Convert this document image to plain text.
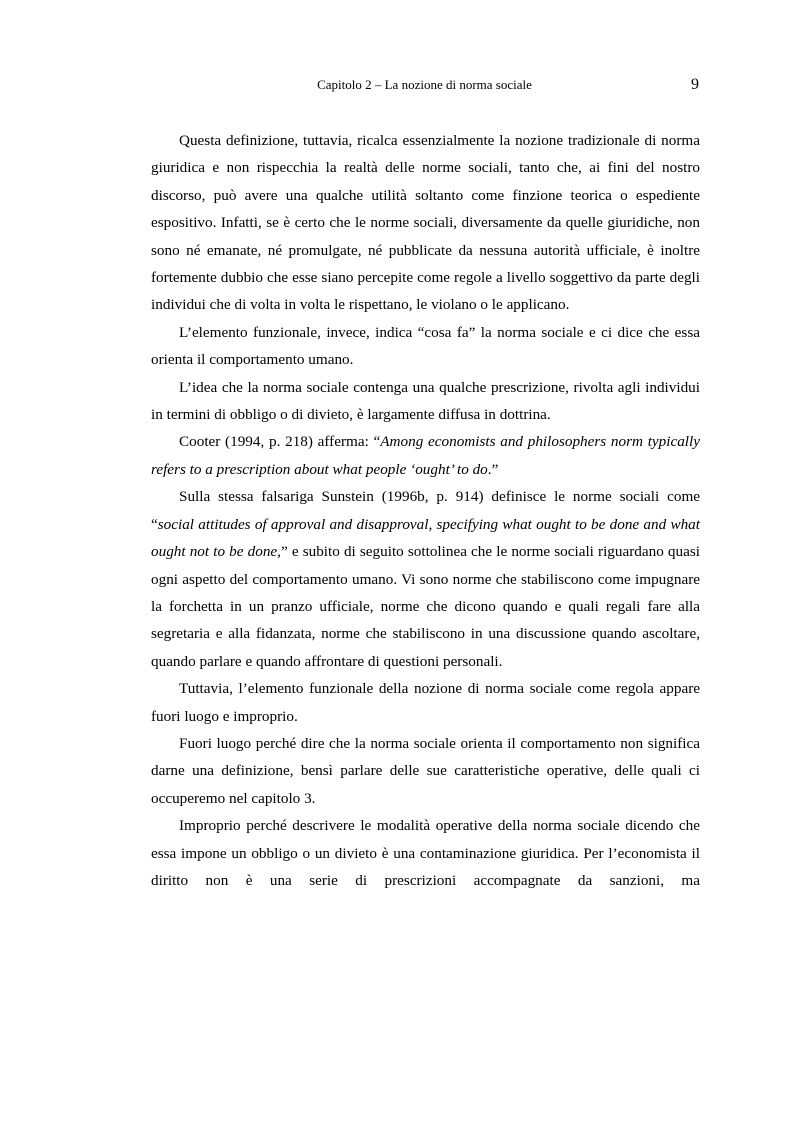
Capitolo 2 – La nozione di norma sociale	9

Questa definizione, tuttavia, ricalca essenzialmente la nozione tradizionale di norma giuridica e non rispecchia la realtà delle norme sociali, tanto che, ai fini del nostro discorso, può avere una qualche utilità soltanto come finzione teorica o espediente espositivo. Infatti, se è certo che le norme sociali, diversamente da quelle giuridiche, non sono né emanate, né promulgate, né pubblicate da nessuna autorità ufficiale, è inoltre fortemente dubbio che esse siano percepite come regole a livello soggettivo da parte degli individui che di volta in volta le rispettano, le violano o le applicano.

L’elemento funzionale, invece, indica “cosa fa” la norma sociale e ci dice che essa orienta il comportamento umano.

L’idea che la norma sociale contenga una qualche prescrizione, rivolta agli individui in termini di obbligo o di divieto, è largamente diffusa in dottrina.

Cooter (1994, p. 218) afferma: “Among economists and philosophers norm typically refers to a prescription about what people ‘ought’ to do.”

Sulla stessa falsariga Sunstein (1996b, p. 914) definisce le norme sociali come “social attitudes of approval and disapproval, specifying what ought to be done and what ought not to be done,” e subito di seguito sottolinea che le norme sociali riguardano quasi ogni aspetto del comportamento umano. Vi sono norme che stabiliscono come impugnare la forchetta in un pranzo ufficiale, norme che dicono quando e quali regali fare alla segretaria e alla fidanzata, norme che stabiliscono in una discussione quando ascoltare, quando parlare e quando affrontare di questioni personali.

Tuttavia, l’elemento funzionale della nozione di norma sociale come regola appare fuori luogo e improprio.

Fuori luogo perché dire che la norma sociale orienta il comportamento non significa darne una definizione, bensì parlare delle sue caratteristiche operative, delle quali ci occuperemo nel capitolo 3.

Improprio perché descrivere le modalità operative della norma sociale dicendo che essa impone un obbligo o un divieto è una contaminazione giuridica. Per l’economista il diritto non è una serie di prescrizioni accompagnate da sanzioni, ma
